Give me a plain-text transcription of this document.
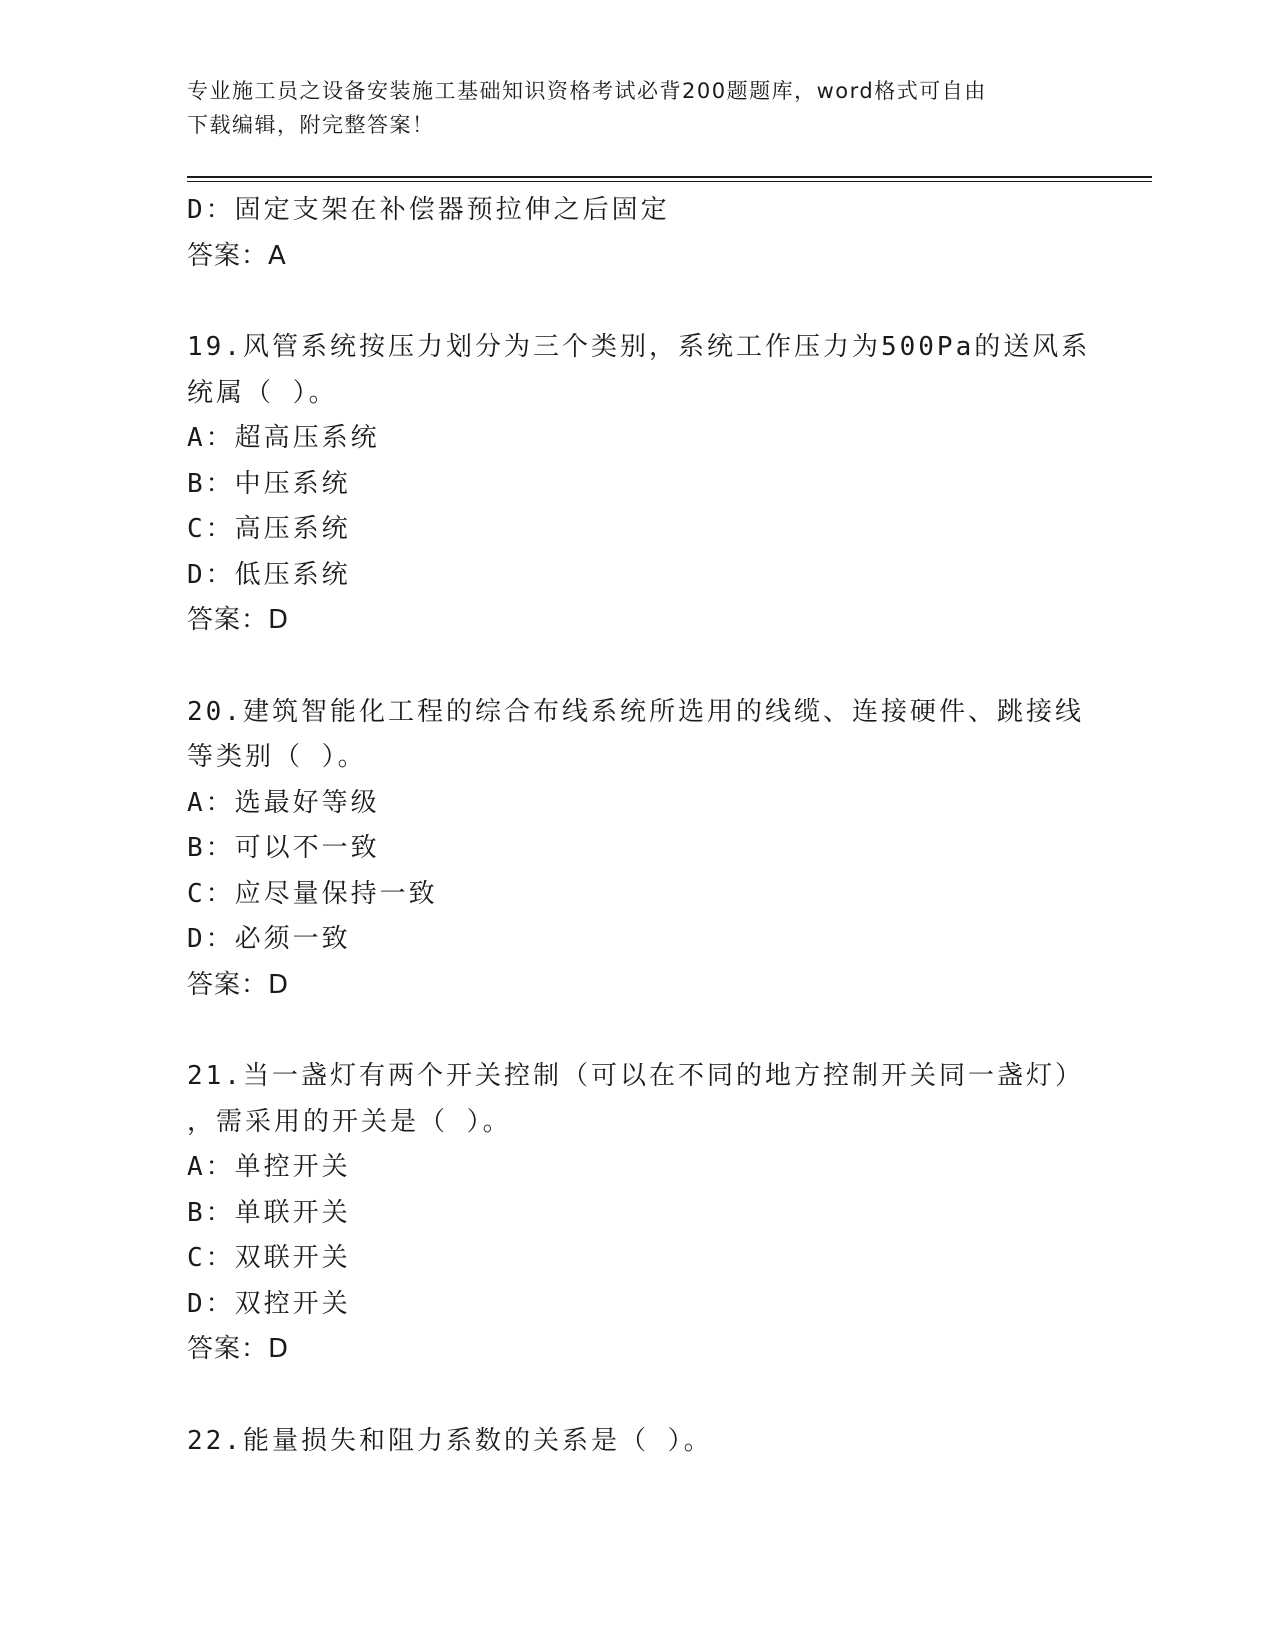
专业施工员之设备安装施工基础知识资格考试必背200题题库，word格式可自由
下载编辑，附完整答案！
D：固定支架在补偿器预拉伸之后固定
答案：A
19.风管系统按压力划分为三个类别，系统工作压力为500Pa的送风系
统属（ ）。
A：超高压系统
B：中压系统
C：高压系统
D：低压系统
答案：D
20.建筑智能化工程的综合布线系统所选用的线缆、连接硬件、跳接线
等类别（ ）。
A：选最好等级
B：可以不一致
C：应尽量保持一致
D：必须一致
答案：D
21.当一盏灯有两个开关控制（可以在不同的地方控制开关同一盏灯）
，需采用的开关是（ ）。
A：单控开关
B：单联开关
C：双联开关
D：双控开关
答案：D
22.能量损失和阻力系数的关系是（ ）。
